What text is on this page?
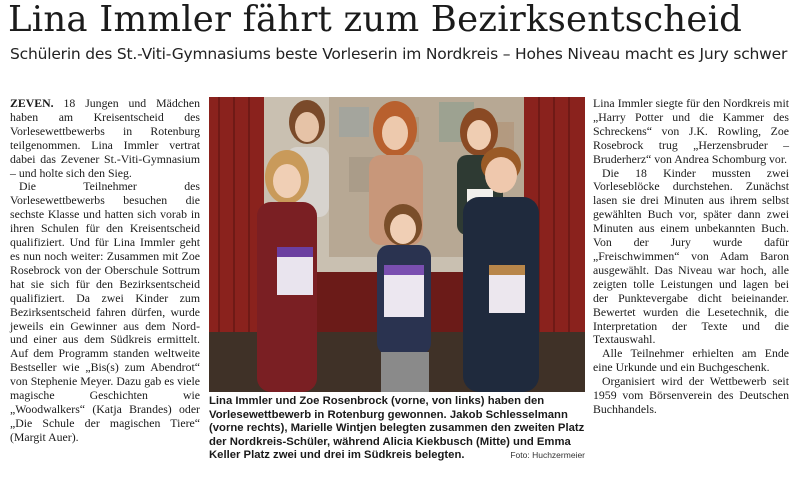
Lina Immler fährt zum Bezirksentscheid
Schülerin des St.-Viti-Gymnasiums beste Vorleserin im Nordkreis – Hohes Niveau macht es Jury schwer

ZEVEN. 18 Jungen und Mädchen haben am Kreisentscheid des Vorlesewettbewerbs in Rotenburg teilgenommen. Lina Immler vertrat dabei das Zevener St.-Viti-Gymnasium – und holte sich den Sieg.

Die Teilnehmer des Vorlesewettbewerbs besuchen die sechste Klasse und hatten sich vorab in ihren Schulen für den Kreisentscheid qualifiziert. Und für Lina Immler geht es nun noch weiter: Zusammen mit Zoe Rosebrock von der Oberschule Sottrum hat sie sich für den Bezirksentscheid qualifiziert. Da zwei Kinder zum Bezirksentscheid fahren dürfen, wurde jeweils ein Gewinner aus dem Nord- und einer aus dem Südkreis ermittelt. Auf dem Programm standen weltweite Bestseller wie „Bis(s) zum Abendrot“ von Stephenie Meyer. Dazu gab es viele magische Geschichten wie „Woodwalkers“ (Katja Brandes) oder „Die Schule der magischen Tiere“ (Margit Auer).

Lina Immler und Zoe Rosenbrock (vorne, von links) haben den Vorlesewettbewerb in Rotenburg gewonnen. Jakob Schlesselmann (vorne rechts), Marielle Wintjen belegten zusammen den zweiten Platz der Nordkreis-Schüler, während Alicia Kiekbusch (Mitte) und Emma Keller Platz zwei und drei im Südkreis belegten.	Foto: Huchzermeier

Lina Immler siegte für den Nordkreis mit „Harry Potter und die Kammer des Schreckens“ von J.K. Rowling, Zoe Rosebrock trug „Herzensbruder – Bruderherz“ von Andrea Schomburg vor.

Die 18 Kinder mussten zwei Vorleseblöcke durchstehen. Zunächst lasen sie drei Minuten aus ihrem selbst gewählten Buch vor, später dann zwei Minuten aus einem unbekannten Buch. Von der Jury wurde dafür „Freischwimmen“ von Adam Baron ausgewählt. Das Niveau war hoch, alle zeigten tolle Leistungen und lagen bei der Punktevergabe dicht beieinander. Bewertet wurden die Lesetechnik, die Interpretation der Texte und die Textauswahl.

Alle Teilnehmer erhielten am Ende eine Urkunde und ein Buchgeschenk.

Organisiert wird der Wettbewerb seit 1959 vom Börsenverein des Deutschen Buchhandels.
